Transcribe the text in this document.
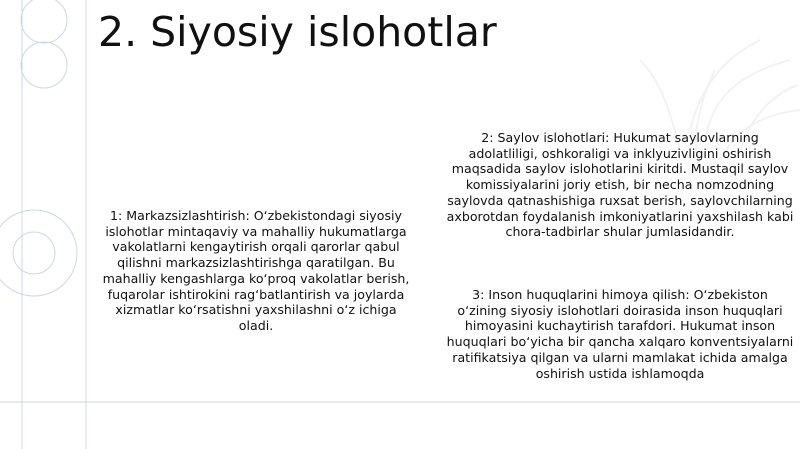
2. Siyosiy islohotlar
1: Markazsizlashtirish: O‘zbekistondagi siyosiy islohotlar mintaqaviy va mahalliy hukumatlarga vakolatlarni kengaytirish orqali qarorlar qabul qilishni markazsizlashtirishga qaratilgan. Bu mahalliy kengashlarga ko‘proq vakolatlar berish, fuqarolar ishtirokini rag‘batlantirish va joylarda xizmatlar ko‘rsatishni yaxshilashni o‘z ichiga oladi.
2: Saylov islohotlari: Hukumat saylovlarning adolatliligi, oshkoraligi va inklyuzivligini oshirish maqsadida saylov islohotlarini kiritdi. Mustaqil saylov komissiyalarini joriy etish, bir necha nomzodning saylovda qatnashishiga ruxsat berish, saylovchilarning axborotdan foydalanish imkoniyatlarini yaxshilash kabi chora-tadbirlar shular jumlasidandir.
3: Inson huquqlarini himoya qilish: O‘zbekiston o‘zining siyosiy islohotlari doirasida inson huquqlari himoyasini kuchaytirish tarafdori. Hukumat inson huquqlari bo‘yicha bir qancha xalqaro konventsiyalarni ratifikatsiya qilgan va ularni mamlakat ichida amalga oshirish ustida ishlamoqda
